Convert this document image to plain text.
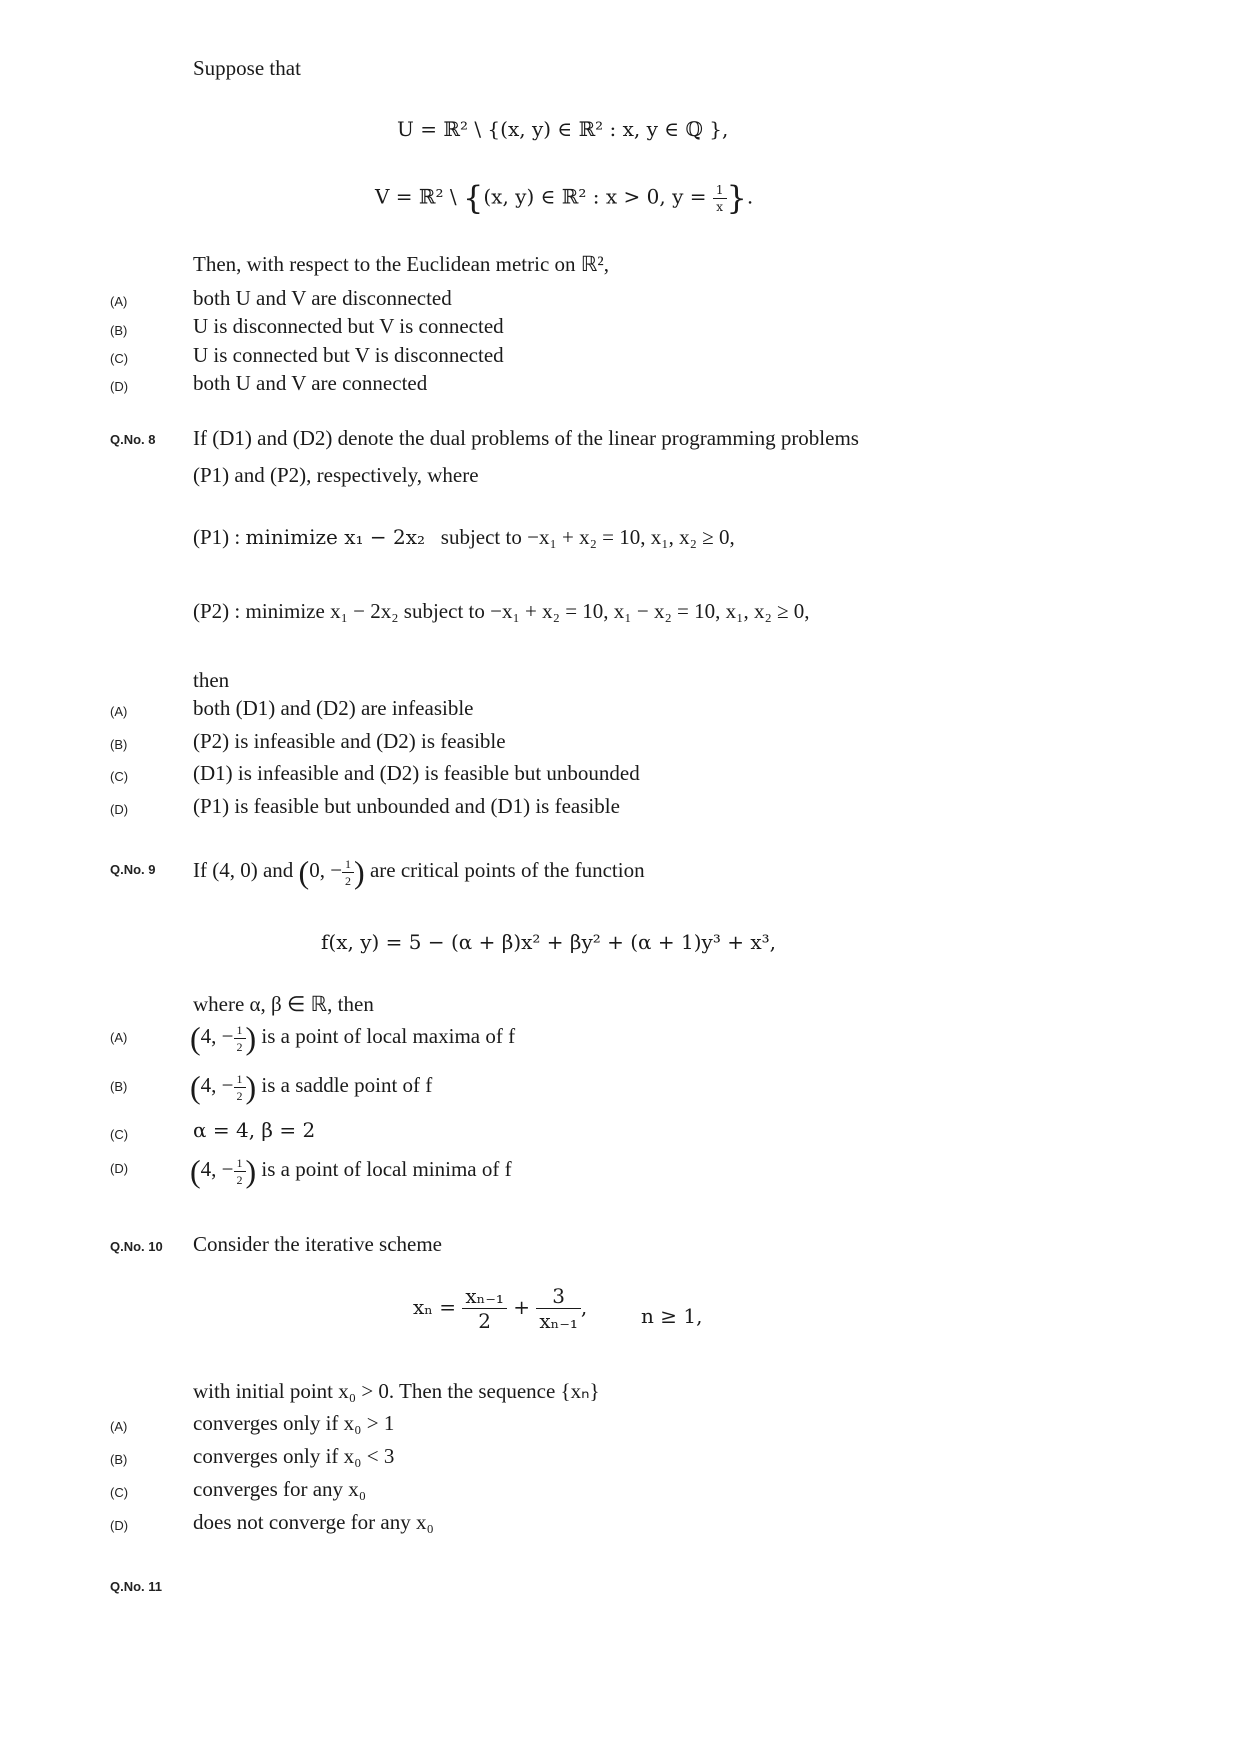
Suppose that
U = ℝ² \ {(x, y) ∈ ℝ² : x, y ∈ ℚ },
V = ℝ² \ {(x, y) ∈ ℝ² : x > 0, $y = \frac{1}{x}$ }.
Then, with respect to the Euclidean metric on ℝ²,
(A)	both U and V are disconnected
(B)	U is disconnected but V is connected
(C)	U is connected but V is disconnected
(D)	both U and V are connected
Q.No. 8 If (D1) and (D2) denote the dual problems of the linear programming problems
(P1) and (P2), respectively, where
(P1) : minimize x₁ − 2x₂ subject to −x₁ + x₂ = 10, x₁, x₂ ≥ 0,
(P2) : minimize x₁ − 2x₂ subject to −x₁ + x₂ = 10, x₁ − x₂ = 10, x₁, x₂ ≥ 0,
then
(A)	both (D1) and (D2) are infeasible
(B)	(P2) is infeasible and (D2) is feasible
(C)	(D1) is infeasible and (D2) is feasible but unbounded
(D)	(P1) is feasible but unbounded and (D1) is feasible
Q.No. 9 If (4, 0) and (0, − $\frac{1}{2}$ ) are critical points of the function
f(x, y) = 5 − (α + β)x² + βy² + (α + 1)y³ + x³,
where α, β ∈ ℝ, then
(A) (4, − $\frac{1}{2}$ ) is a point of local maxima of f
(B) (4, − $\frac{1}{2}$ ) is a saddle point of f
(C)	α = 4, β = 2
(D) (4, − $\frac{1}{2}$ ) is a point of local minima of f
Q.No. 10 Consider the iterative scheme
$x_n = \frac{\text{xₙ₋₁}}{2} + \frac{3}{\text{xₙ₋₁}}$ ,	n ≥ 1,
with initial point x₀ > 0. Then the sequence {xₙ}
(A)	converges only if x₀ > 1
(B)	converges only if x₀ < 3
(C)	converges for any x₀
(D)	does not converge for any x₀
Q.No. 11
